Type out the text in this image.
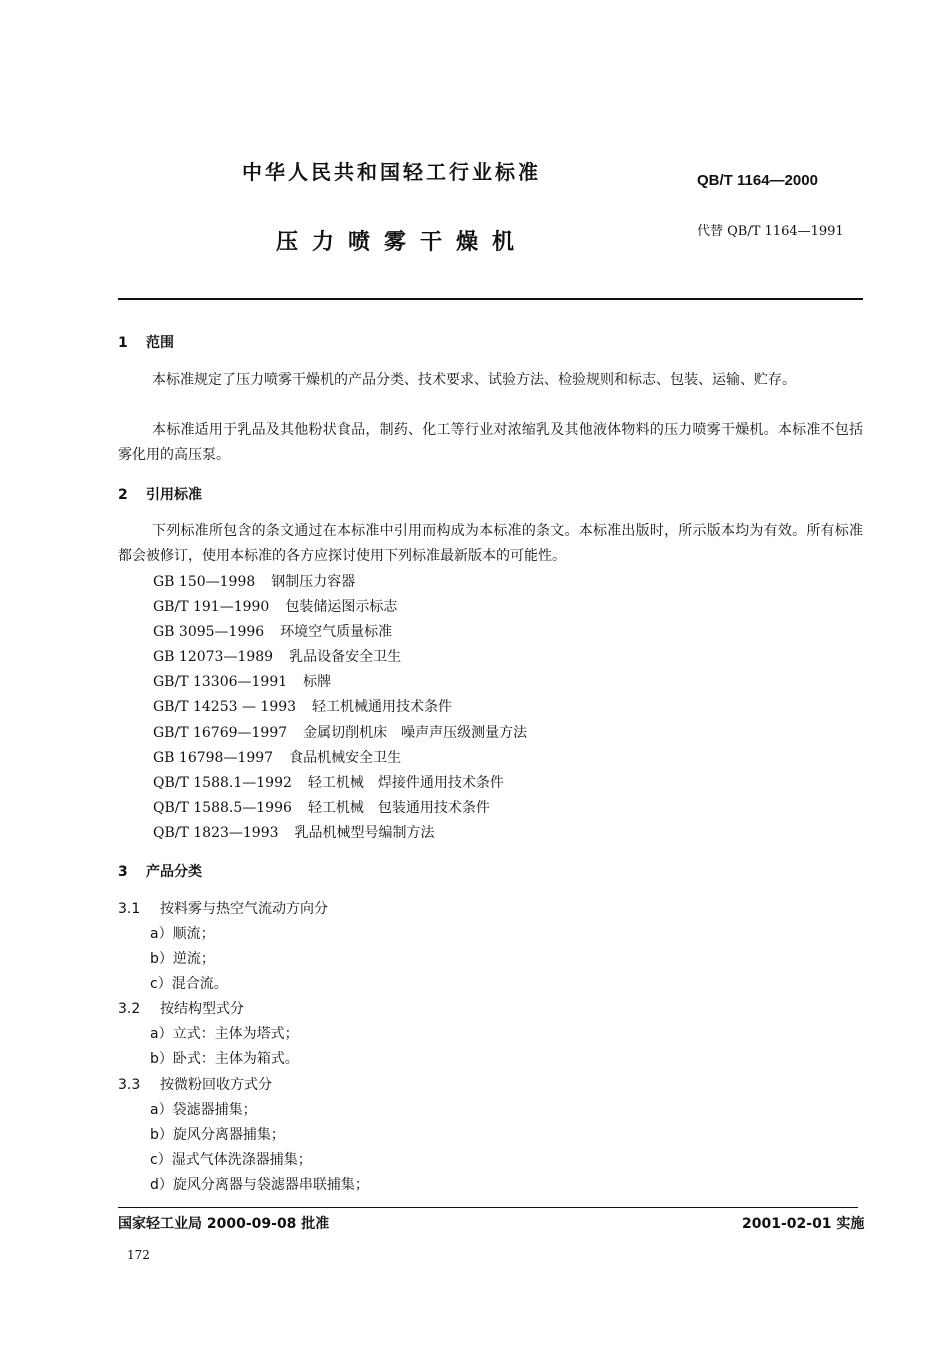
中华人民共和国轻工行业标准	QB/T 1164—2000
压力喷雾干燥机	代替 QB/T 1164—1991
1 范围
本标准规定了压力喷雾干燥机的产品分类、技术要求、试验方法、检验规则和标志、包装、运输、贮存。
本标准适用于乳品及其他粉状食品，制药、化工等行业对浓缩乳及其他液体物料的压力喷雾干燥机。本标准不包括雾化用的高压泵。
2 引用标准
下列标准所包含的条文通过在本标准中引用而构成为本标准的条文。本标准出版时，所示版本均为有效。所有标准都会被修订，使用本标准的各方应探讨使用下列标准最新版本的可能性。
GB 150—1998 钢制压力容器
GB/T 191—1990 包装储运图示标志
GB 3095—1996 环境空气质量标准
GB 12073—1989 乳品设备安全卫生
GB/T 13306—1991 标牌
GB/T 14253 — 1993 轻工机械通用技术条件
GB/T 16769—1997 金属切削机床　噪声声压级测量方法
GB 16798—1997 食品机械安全卫生
QB/T 1588.1—1992 轻工机械　焊接件通用技术条件
QB/T 1588.5—1996 轻工机械　包装通用技术条件
QB/T 1823—1993 乳品机械型号编制方法
3 产品分类
3.1 按料雾与热空气流动方向分
a）顺流；
b）逆流；
c）混合流。
3.2 按结构型式分
a）立式：主体为塔式；
b）卧式：主体为箱式。
3.3 按微粉回收方式分
a）袋滤器捕集；
b）旋风分离器捕集；
c）湿式气体洗涤器捕集；
d）旋风分离器与袋滤器串联捕集；
国家轻工业局 2000-09-08 批准	2001-02-01 实施
172
